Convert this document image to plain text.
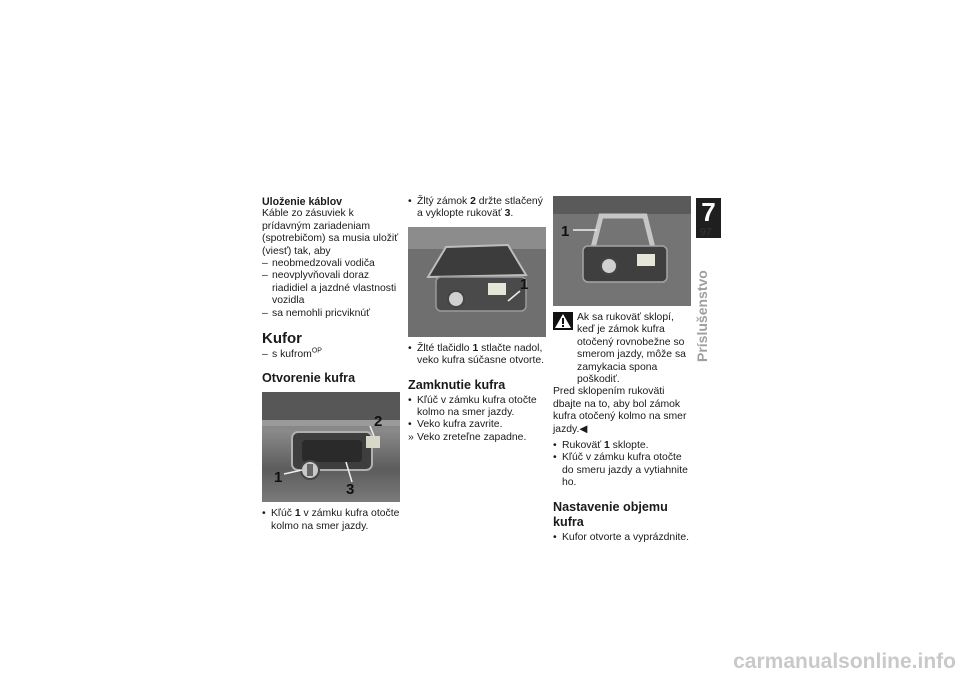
Uloženie káblov

Káble zo zásuviek k prídavným zariadeniam (spotrebičom) sa musia uložiť (viesť) tak, aby

– neobmedzovali vodiča
– neovplyvňovali doraz riadidiel a jazdné vlastnosti vozidla
– sa nemohli pricviknúť

Kufor

– s kufrom$^{OP}$

Otvorenie kufra

2
1
3
• Kľúč 1 v zámku kufra otočte kolmo na smer jazdy.
• Žltý zámok 2 držte stlačený a vyklopte rukoväť 3.
1
• Žlté tlačidlo 1 stlačte nadol, veko kufra súčasne otvorte.

Zamknutie kufra

• Kľúč v zámku kufra otočte kolmo na smer jazdy.
• Veko kufra zavrite.
» Veko zreteľne zapadne.
1

Ak sa rukoväť sklopí, keď je zámok kufra otočený rovnobežne so smerom jazdy, môže sa zamykacia spona poškodiť.

Pred sklopením rukoväti dbajte na to, aby bol zámok kufra otočený kolmo na smer jazdy.◀

• Rukoväť 1 sklopte.
• Kľúč v zámku kufra otočte do smeru jazdy a vytiahnite ho.

Nastavenie objemu kufra

• Kufor otvorte a vyprázdnite.
7
97
Príslušenstvo
carmanualsonline.info
